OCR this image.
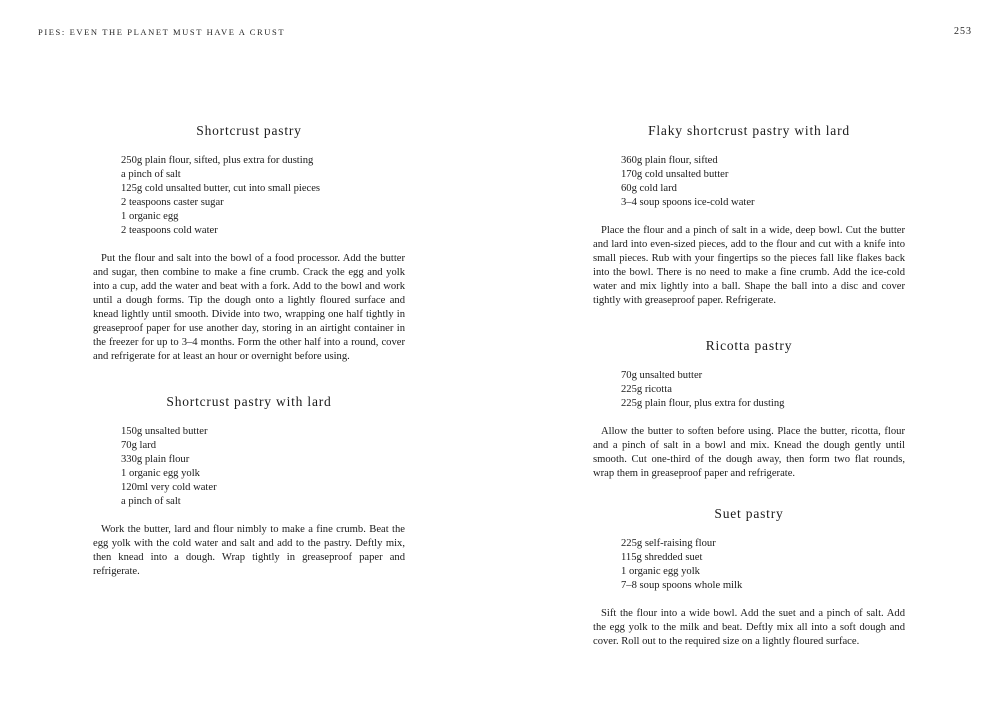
PIES: EVEN THE PLANET MUST HAVE A CRUST	253
Shortcrust pastry
250g plain flour, sifted, plus extra for dusting
a pinch of salt
125g cold unsalted butter, cut into small pieces
2 teaspoons caster sugar
1 organic egg
2 teaspoons cold water

Put the flour and salt into the bowl of a food processor. Add the butter and sugar, then combine to make a fine crumb. Crack the egg and yolk into a cup, add the water and beat with a fork. Add to the bowl and work until a dough forms. Tip the dough onto a lightly floured surface and knead lightly until smooth. Divide into two, wrapping one half tightly in greaseproof paper for use another day, storing in an airtight container in the freezer for up to 3–4 months. Form the other half into a round, cover and refrigerate for at least an hour or overnight before using.

Shortcrust pastry with lard
150g unsalted butter
70g lard
330g plain flour
1 organic egg yolk
120ml very cold water
a pinch of salt

Work the butter, lard and flour nimbly to make a fine crumb. Beat the egg yolk with the cold water and salt and add to the pastry. Deftly mix, then knead into a dough. Wrap tightly in greaseproof paper and refrigerate.

Flaky shortcrust pastry with lard
360g plain flour, sifted
170g cold unsalted butter
60g cold lard
3–4 soup spoons ice-cold water

Place the flour and a pinch of salt in a wide, deep bowl. Cut the butter and lard into even-sized pieces, add to the flour and cut with a knife into small pieces. Rub with your fingertips so the pieces fall like flakes back into the bowl. There is no need to make a fine crumb. Add the ice-cold water and mix lightly into a ball. Shape the ball into a disc and cover tightly with greaseproof paper. Refrigerate.

Ricotta pastry
70g unsalted butter
225g ricotta
225g plain flour, plus extra for dusting

Allow the butter to soften before using. Place the butter, ricotta, flour and a pinch of salt in a bowl and mix. Knead the dough gently until smooth. Cut one-third of the dough away, then form two flat rounds, wrap them in greaseproof paper and refrigerate.

Suet pastry
225g self-raising flour
115g shredded suet
1 organic egg yolk
7–8 soup spoons whole milk

Sift the flour into a wide bowl. Add the suet and a pinch of salt. Add the egg yolk to the milk and beat. Deftly mix all into a soft dough and cover. Roll out to the required size on a lightly floured surface.
